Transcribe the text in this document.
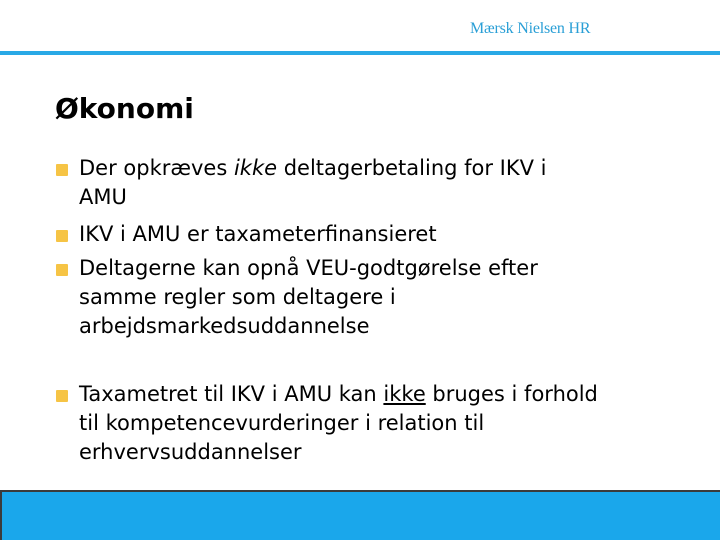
Mærsk Nielsen HR
Økonomi
Der opkræves ikke deltagerbetaling for IKV i AMU
IKV i AMU er taxameterfinansieret
Deltagerne kan opnå VEU-godtgørelse efter samme regler som deltagere i arbejdsmarkedsuddannelse
Taxametret til IKV i AMU kan ikke bruges i forhold til kompetencevurderinger i relation til erhvervsuddannelser
